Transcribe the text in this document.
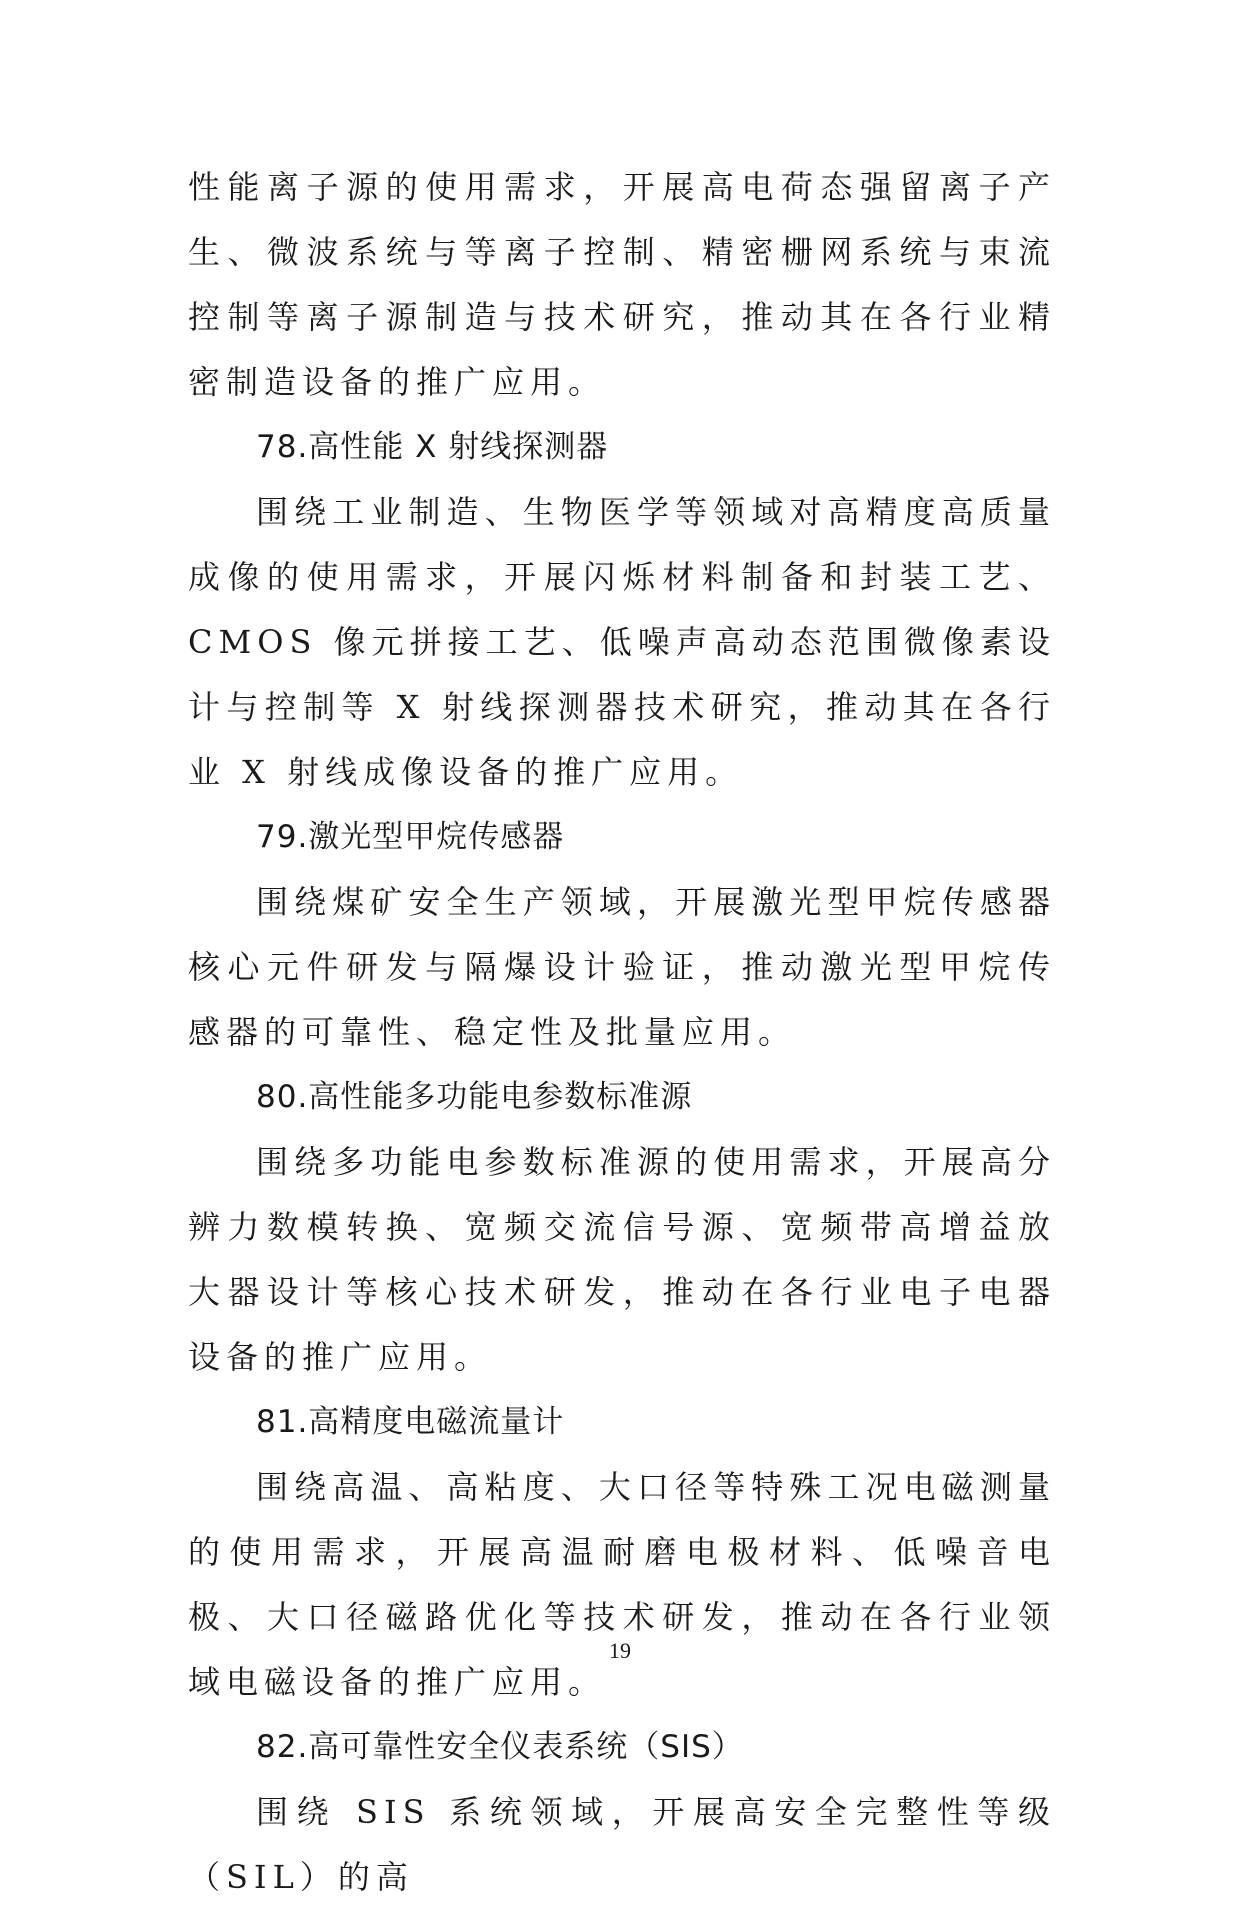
性能离子源的使用需求，开展高电荷态强留离子产生、微波系统与等离子控制、精密栅网系统与束流控制等离子源制造与技术研究，推动其在各行业精密制造设备的推广应用。

78.高性能 X 射线探测器

围绕工业制造、生物医学等领域对高精度高质量成像的使用需求，开展闪烁材料制备和封装工艺、CMOS 像元拼接工艺、低噪声高动态范围微像素设计与控制等 X 射线探测器技术研究，推动其在各行业 X 射线成像设备的推广应用。

79.激光型甲烷传感器

围绕煤矿安全生产领域，开展激光型甲烷传感器核心元件研发与隔爆设计验证，推动激光型甲烷传感器的可靠性、稳定性及批量应用。

80.高性能多功能电参数标准源

围绕多功能电参数标准源的使用需求，开展高分辨力数模转换、宽频交流信号源、宽频带高增益放大器设计等核心技术研发，推动在各行业电子电器设备的推广应用。

81.高精度电磁流量计

围绕高温、高粘度、大口径等特殊工况电磁测量的使用需求，开展高温耐磨电极材料、低噪音电极、大口径磁路优化等技术研发，推动在各行业领域电磁设备的推广应用。

82.高可靠性安全仪表系统（SIS）

围绕 SIS 系统领域，开展高安全完整性等级（SIL）的高

19
